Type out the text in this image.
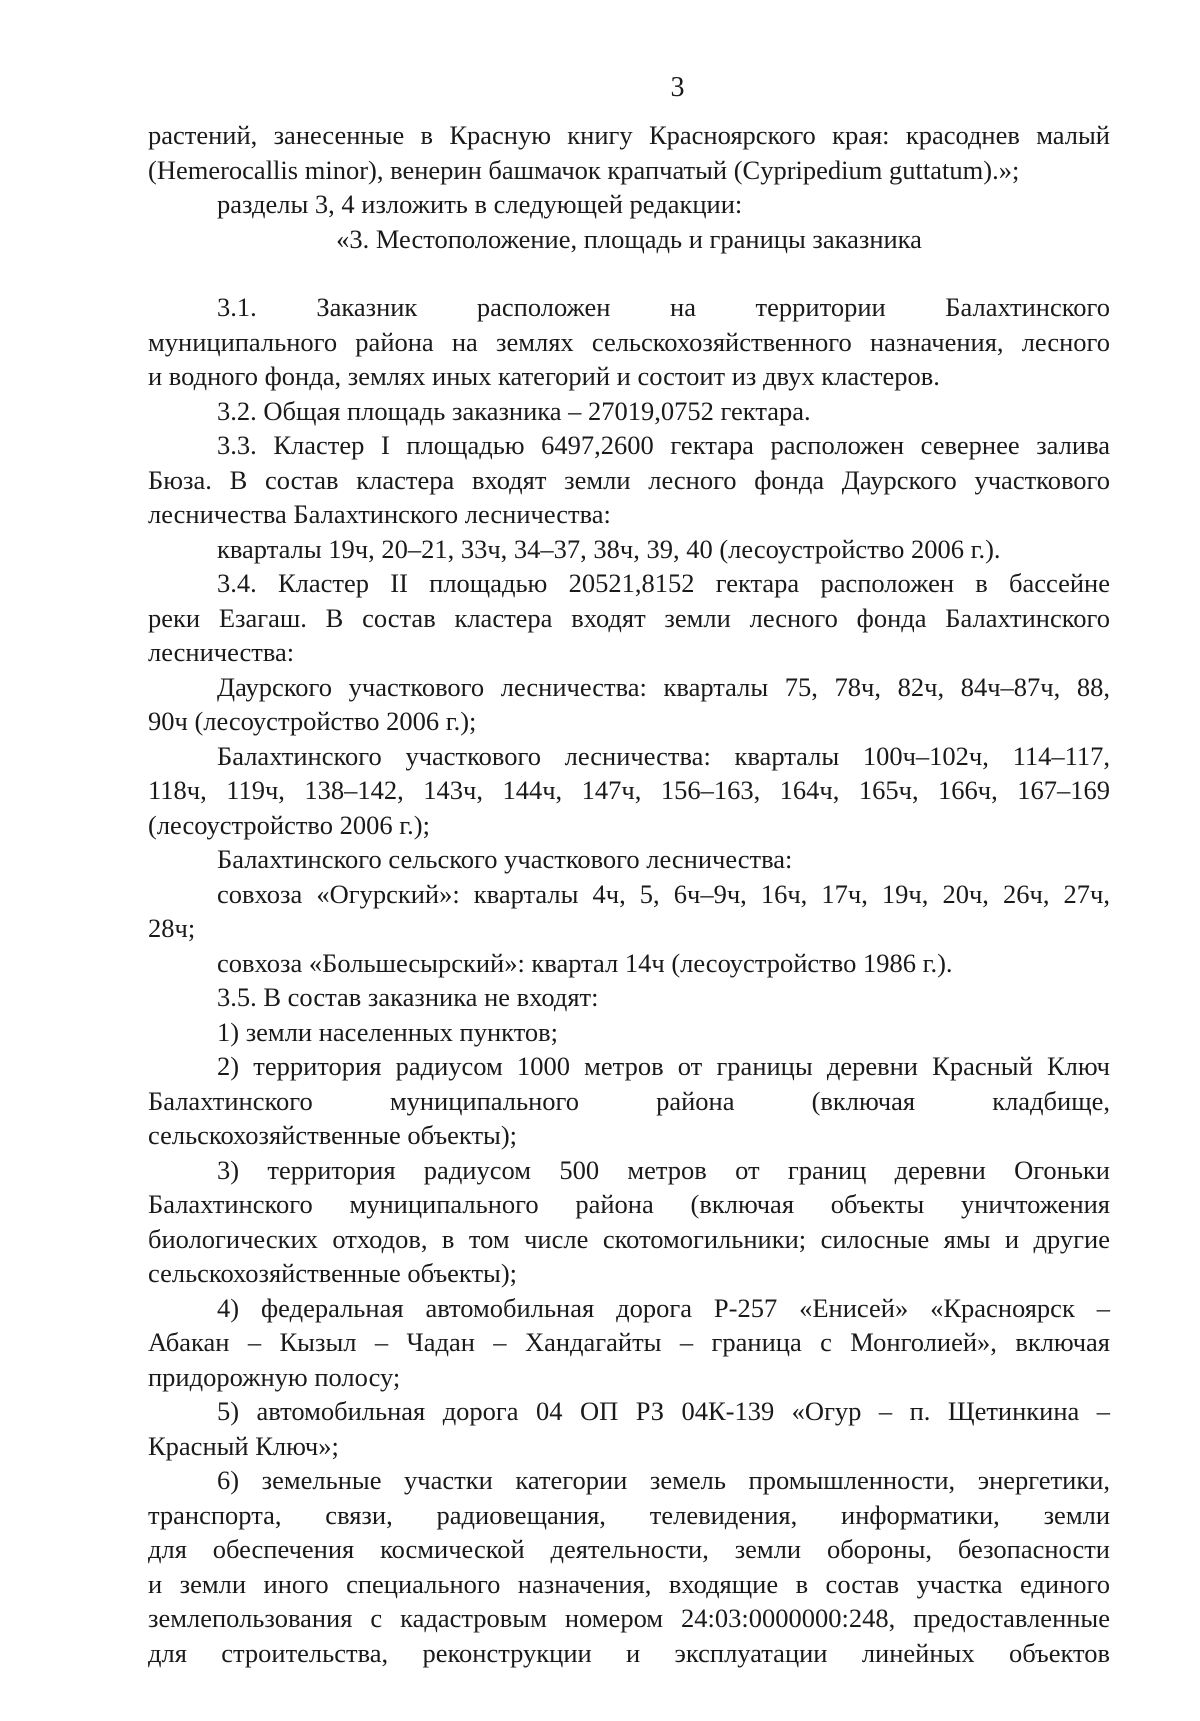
3

растений, занесенные в Красную книгу Красноярского края: красоднев малый

(Hemerocallis minor), венерин башмачок крапчатый (Cypripedium guttatum).»;

разделы 3, 4 изложить в следующей редакции:

«3. Местоположение, площадь и границы заказника

3.1. Заказник расположен на территории Балахтинского

муниципального района на землях сельскохозяйственного назначения, лесного

и водного фонда, землях иных категорий и состоит из двух кластеров.

3.2. Общая площадь заказника – 27019,0752 гектара.

3.3. Кластер I площадью 6497,2600 гектара расположен севернее залива

Бюза. В состав кластера входят земли лесного фонда Даурского участкового

лесничества Балахтинского лесничества:

кварталы 19ч, 20–21, 33ч, 34–37, 38ч, 39, 40 (лесоустройство 2006 г.).

3.4. Кластер II площадью 20521,8152 гектара расположен в бассейне

реки Езагаш. В состав кластера входят земли лесного фонда Балахтинского

лесничества:

Даурского участкового лесничества: кварталы 75, 78ч, 82ч, 84ч–87ч, 88,

90ч (лесоустройство 2006 г.);

Балахтинского участкового лесничества: кварталы 100ч–102ч, 114–117,

118ч, 119ч, 138–142, 143ч, 144ч, 147ч, 156–163, 164ч, 165ч, 166ч, 167–169

(лесоустройство 2006 г.);

Балахтинского сельского участкового лесничества:

совхоза «Огурский»: кварталы 4ч, 5, 6ч–9ч, 16ч, 17ч, 19ч, 20ч, 26ч, 27ч,

28ч;

совхоза «Большесырский»: квартал 14ч (лесоустройство 1986 г.).

3.5. В состав заказника не входят:

1) земли населенных пунктов;

2) территория радиусом 1000 метров от границы деревни Красный Ключ

Балахтинского муниципального района (включая кладбище,

сельскохозяйственные объекты);

3) территория радиусом 500 метров от границ деревни Огоньки

Балахтинского муниципального района (включая объекты уничтожения

биологических отходов, в том числе скотомогильники; силосные ямы и другие

сельскохозяйственные объекты);

4) федеральная автомобильная дорога Р-257 «Енисей» «Красноярск –

Абакан – Кызыл – Чадан – Хандагайты – граница с Монголией», включая

придорожную полосу;

5) автомобильная дорога 04 ОП РЗ 04К-139 «Огур – п. Щетинкина –

Красный Ключ»;

6) земельные участки категории земель промышленности, энергетики,

транспорта, связи, радиовещания, телевидения, информатики, земли

для обеспечения космической деятельности, земли обороны, безопасности

и земли иного специального назначения, входящие в состав участка единого

землепользования с кадастровым номером 24:03:0000000:248, предоставленные

для строительства, реконструкции и эксплуатации линейных объектов
